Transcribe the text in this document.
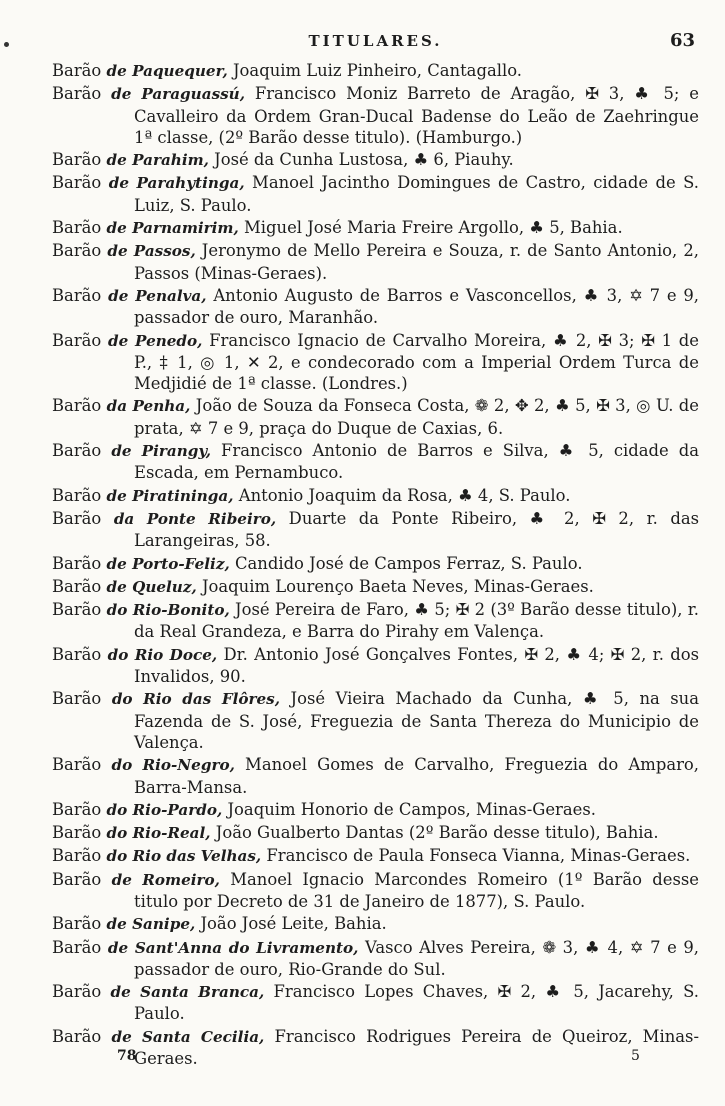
TITULARES.	63

Barão de Paquequer, Joaquim Luiz Pinheiro, Cantagallo.

Barão de Paraguassú, Francisco Moniz Barreto de Aragão, ✠ 3, ♣ 5; e Cavalleiro da Ordem Gran-Ducal Badense do Leão de Zaehringue 1ª classe, (2º Barão desse titulo). (Hamburgo.)

Barão de Parahim, José da Cunha Lustosa, ♣ 6, Piauhy.

Barão de Parahytinga, Manoel Jacintho Domingues de Castro, cidade de S. Luiz, S. Paulo.

Barão de Parnamirim, Miguel José Maria Freire Argollo, ♣ 5, Bahia.

Barão de Passos, Jeronymo de Mello Pereira e Souza, r. de Santo Antonio, 2, Passos (Minas-Geraes).

Barão de Penalva, Antonio Augusto de Barros e Vasconcellos, ♣ 3, ✡ 7 e 9, passador de ouro, Maranhão.

Barão de Penedo, Francisco Ignacio de Carvalho Moreira, ♣ 2, ✠ 3; ✠ 1 de P., ‡ 1, ◎ 1, ✕ 2, e condecorado com a Imperial Ordem Turca de Medjidié de 1ª classe. (Londres.)

Barão da Penha, João de Souza da Fonseca Costa, ❁ 2, ✥ 2, ♣ 5, ✠ 3, ◎ U. de prata, ✡ 7 e 9, praça do Duque de Caxias, 6.

Barão de Pirangy, Francisco Antonio de Barros e Silva, ♣ 5, cidade da Escada, em Pernambuco.

Barão de Piratininga, Antonio Joaquim da Rosa, ♣ 4, S. Paulo.

Barão da Ponte Ribeiro, Duarte da Ponte Ribeiro, ♣ 2, ✠ 2, r. das Larangeiras, 58.

Barão de Porto-Feliz, Candido José de Campos Ferraz, S. Paulo.

Barão de Queluz, Joaquim Lourenço Baeta Neves, Minas-Geraes.

Barão do Rio-Bonito, José Pereira de Faro, ♣ 5; ✠ 2 (3º Barão desse titulo), r. da Real Grandeza, e Barra do Pirahy em Valença.

Barão do Rio Doce, Dr. Antonio José Gonçalves Fontes, ✠ 2, ♣ 4; ✠ 2, r. dos Invalidos, 90.

Barão do Rio das Flôres, José Vieira Machado da Cunha, ♣ 5, na sua Fazenda de S. José, Freguezia de Santa Thereza do Municipio de Valença.

Barão do Rio-Negro, Manoel Gomes de Carvalho, Freguezia do Amparo, Barra-Mansa.

Barão do Rio-Pardo, Joaquim Honorio de Campos, Minas-Geraes.

Barão do Rio-Real, João Gualberto Dantas (2º Barão desse titulo), Bahia.

Barão do Rio das Velhas, Francisco de Paula Fonseca Vianna, Minas-Geraes.

Barão de Romeiro, Manoel Ignacio Marcondes Romeiro (1º Barão desse titulo por Decreto de 31 de Janeiro de 1877), S. Paulo.

Barão de Sanipe, João José Leite, Bahia.

Barão de Sant'Anna do Livramento, Vasco Alves Pereira, ❁ 3, ♣ 4, ✡ 7 e 9, passador de ouro, Rio-Grande do Sul.

Barão de Santa Branca, Francisco Lopes Chaves, ✠ 2, ♣ 5, Jacarehy, S. Paulo.

Barão de Santa Cecilia, Francisco Rodrigues Pereira de Queiroz, Minas-Geraes.

78	5
